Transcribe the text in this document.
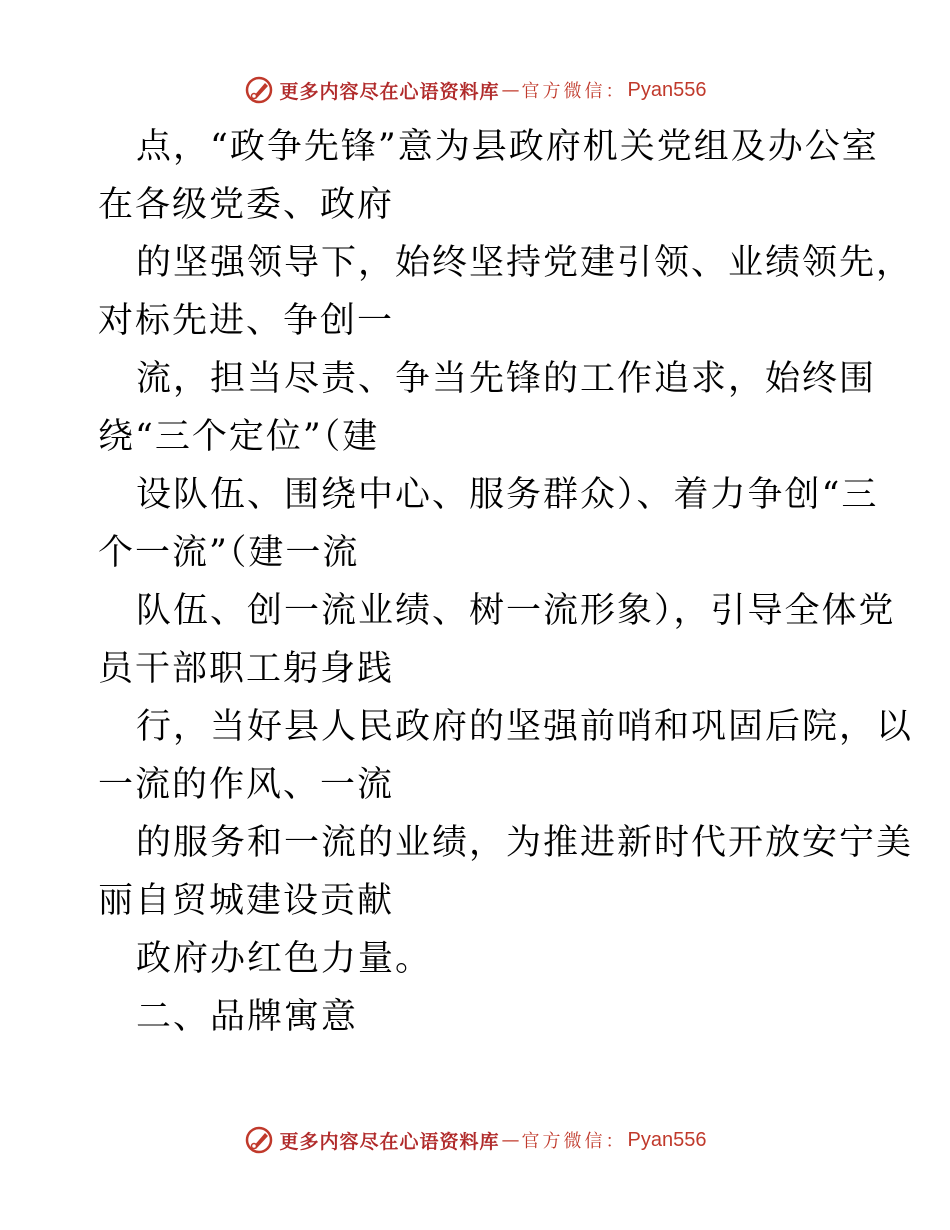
更多内容尽在心语资料库 — 官方微信 ： Pyan556
点，“政争先锋”意为县政府机关党组及办公室
在各级党委、政府
的坚强领导下，始终坚持党建引领、业绩领先，
对标先进、争创一
流，担当尽责、争当先锋的工作追求，始终围
绕“三个定位”（建
设队伍、围绕中心、服务群众）、着力争创“三
个一流”（建一流
队伍、创一流业绩、树一流形象），引导全体党
员干部职工躬身践
行，当好县人民政府的坚强前哨和巩固后院，以
一流的作风、一流
的服务和一流的业绩，为推进新时代开放安宁美
丽自贸城建设贡献
政府办红色力量。
二、品牌寓意
更多内容尽在心语资料库 — 官方微信 ： Pyan556
